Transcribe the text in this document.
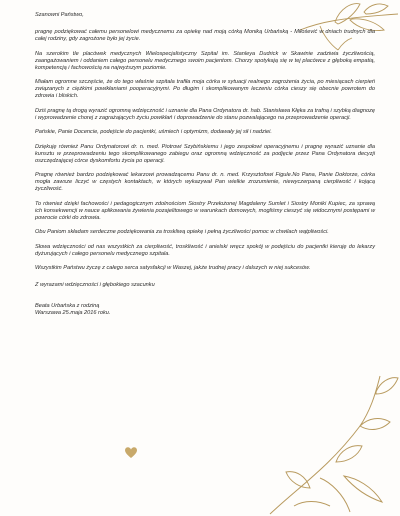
Szanowni Państwo,
pragnę podziękować całemu personelowi medycznemu za opiekę nad moją córką Moniką Urbańską - Miłośević w dniach trudnych dla całej rodziny, gdy zagrożone było jej życie.
Na szerokim tle placówek medycznych Wielospecjalistyczny Szpital im. Stanleya Dudrick w Skawinie zadziwia życzliwością, zaangażowaniem i oddaniem całego personelu medycznego swoim pacjentom. Chorzy spotykają się w tej placówce z głęboką empatią, kompetencją i fachowością na najwyższym poziomie.
Miałam ogromne szczęście, że do tego właśnie szpitala trafiła moja córka w sytuacji realnego zagrożenia życia, po miesiącach cierpień związanych z ciężkimi powikłaniami pooperacyjnymi. Po długim i skomplikowanym leczeniu córka cieszy się obecnie powrotem do zdrowia i bliskich.
Dziś pragnę tą drogą wyrazić ogromną wdzięczność i uznanie dla Pana Ordynatora dr. hab. Stanisława Kłęka za trafną i szybką diagnozę i wyprowadzenie chorej z zagrażających życiu powikłań i doprowadzenie do stanu pozwalającego na przeprowadzenie operacji.
Pańskie, Panie Docencie, podejście do pacjentki, uśmiech i optymizm, dodawały jej sił i nadziei.
Dziękuję również Panu Ordynatorowi dr. n. med. Piotrowi Szybińskiemu i jego zespołowi operacyjnemu i pragnę wyrazić uznanie dla kunsztu w przeprowadzeniu tego skomplikowanego zabiegu oraz ogromną wdzięczność za podjęcie przez Pana Ordynatora decyzji oszczędzającej córce dyskomfortu życia po operacji.
Pragnę również bardzo podziękować lekarzowi prowadzącemu Panu dr. n. med. Krzysztofowi Figule.No Pana, Panie Doktorze, córka mogła zawsze liczyć w częstych kontaktach, w których wykazywał Pan wielkie zrozumienie, niewyczerpaną cierpliwość i kojącą życzliwość.
To również dzięki fachowości i pedagogicznym zdolnościom Siostry Przełożonej Magdaleny Sumlet i Siostry Moniki Kupiec, za sprawą ich konsekwencji w nauce aplikowania żywienia pozajelitowego w warunkach domowych, mogliśmy cieszyć się widocznymi postępami w powrocie córki do zdrowia.
Obu Paniom składam serdeczne podziękowania za troskliwą opiekę i pełną życzliwości pomoc w chwilach wątpliwości.
Słowa wdzięczności od nas wszystkich za cierpliwość, troskliwość i anielski wręcz spokój w podejściu do pacjentki kieruję do lekarzy dyżurujących i całego personelu medycznego szpitala.
Wszystkim Państwu życzę z całego serca satysfakcji w Waszej, jakże trudnej pracy i dalszych w niej sukcesów.
Z wyrazami wdzięczności i głębokiego szacunku
Beata Urbańska z rodziną
Warszawa 25.maja 2016 roku.
